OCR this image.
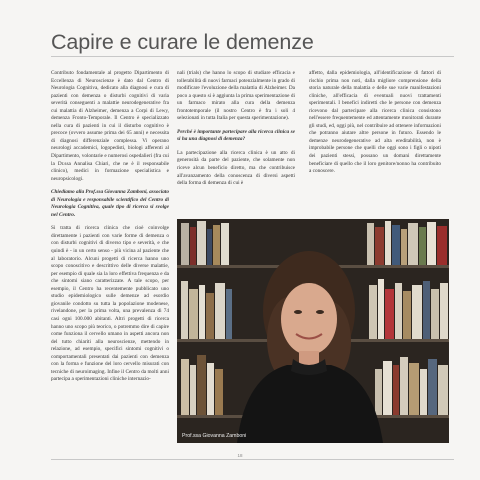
Capire e curare le demenze

Contributo fondamentale al progetto Dipartimento di Eccellenza di Neuroscienze è dato dal Centro di Neurologia Cognitiva, dedicato alla diagnosi e cura di pazienti con demenza o disturbi cognitivi di varia severità conseguenti a malattie neurodegenerative fra cui malattia di Alzheimer, demenza a Corpi di Lewy, demenza Fronto-Temporale. Il Centro è specializzato nella cura di pazienti in cui il disturbo cognitivo è precoce (ovvero assume prima dei 65 anni) e necessita di diagnosi differenziale complessa. Vi operano neurologi accademici, logopedisti, biologi afferenti al Dipartimento, volontarie e numerosi ospedalieri (fra cui la Dr.ssa Annalisa Chiari, che ne è il responsabile clinico), medici in formazione specialistica e neuropsicologi.

Chiediamo alla Prof.ssa Giovanna Zamboni, associato di Neurologia e responsabile scientifico del Centro di Neurologia Cognitiva, quale tipo di ricerca si svolge nel Centro.

Si tratta di ricerca clinica che cioè coinvolge direttamente i pazienti con varie forme di demenza o con disturbi cognitivi di diverso tipo e severità, e che quindi è - in un certo senso - più vicina al paziente che al laboratorio. Alcuni progetti di ricerca hanno uno scopo conoscitivo e descrittivo delle diverse malattie, per esempio di quale sia la loro effettiva frequenza e da che sintomi siano caratterizzate. A tale scopo, per esempio, il Centro ha recentemente pubblicato uno studio epidemiologico sulle demenze ad esordio giovanile condotto su tutta la popolazione modenese, rivelandone, per la prima volta, una prevalenza di 74 casi ogni 100.000 abitanti. Altri progetti di ricerca hanno uno scopo più teorico, o potremmo dire di capire come funziona il cervello umano in aspetti ancora non del tutto chiariti alla neuroscienze, mettendo in relazione, ad esempio, specifici sintomi cognitivi o comportamentali presentati dai pazienti con demenza con la forma e funzione del loro cervello misurati con tecniche di neuroimaging. Infine il Centro da molti anni partecipa a sperimentazioni cliniche internazio-

nali (trials) che hanno lo scopo di studiare efficacia e tollerabilità di nuovi farmaci potenzialmente in grado di modificare l'evoluzione della malattia di Alzheimer. Da poco a questo si è aggiunta la prima sperimentazione di un farmaco mirato alla cura della demenza frontotemporale (il nostro Centro è fra i soli 4 selezionati in tutta Italia per questa sperimentazione).

Perché è importante partecipare alla ricerca clinica se si ha una diagnosi di demenza?

La partecipazione alla ricerca clinica è un atto di generosità da parte del paziente, che solamente non riceve alcun beneficio diretto, ma che contribuisce all'avanzamento della conoscenza di diversi aspetti della forma di demenza di cui è

affetto, dalla epidemiologia, all'identificazione di fattori di rischio prima non noti, dalla migliore comprensione della storia naturale della malattia e delle sue varie manifestazioni cliniche, all'efficacia di eventuali nuovi trattamenti sperimentali. I benefici indiretti che le persone con demenza ricevono dal partecipare alla ricerca clinica consistono nell'essere frequentemente ed attentamente monitorati durante gli studi, ed, oggi più, nel contribuire ad ottenere informazioni che potranno aiutare altre persone in futuro. Essendo le demenze neurodegenerative ad alta ereditabilità, non è improbabile persone che quelli che oggi sono i figli o nipoti dei pazienti stessi, possano un domani direttamente beneficiare di quello che il loro genitore/nonno ha contribuito a conoscere.

Prof.ssa Giovanna Zamboni
18
